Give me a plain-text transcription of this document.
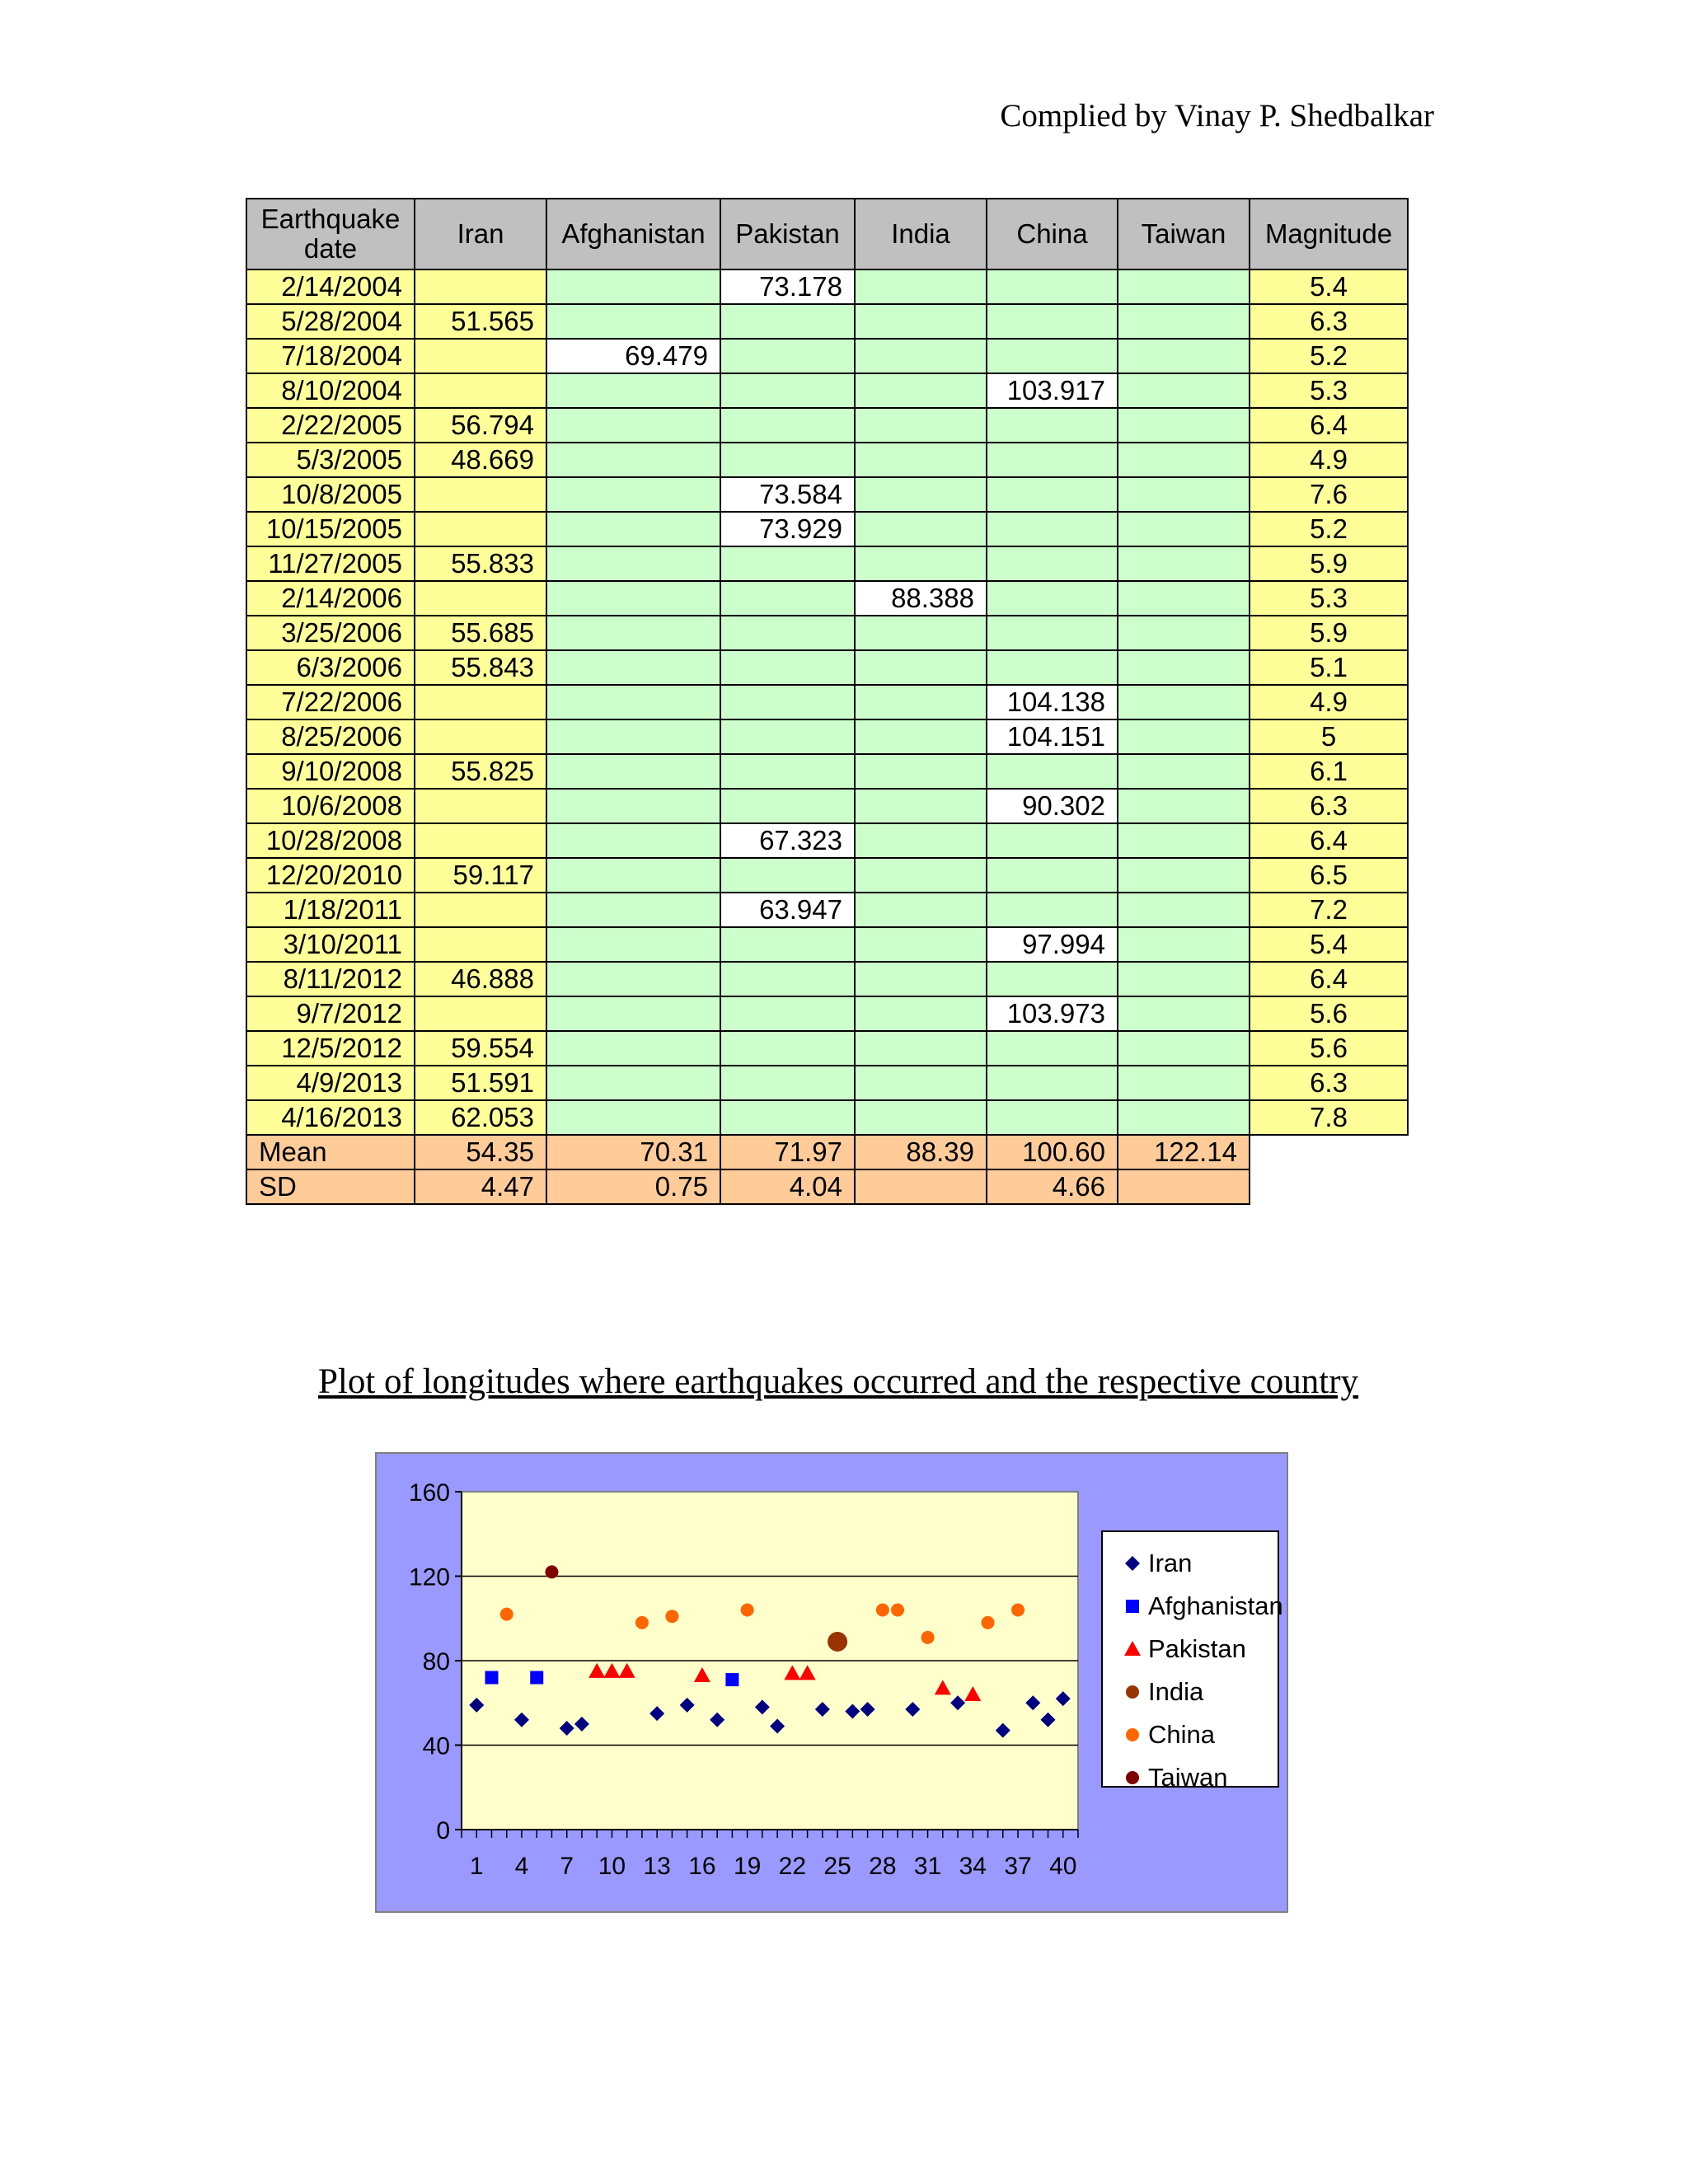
Complied by Vinay P. Shedbalkar
Earthquake date	Iran	Afghanistan	Pakistan	India	China	Taiwan	Magnitude
2/14/2004			73.178				5.4
5/28/2004	51.565						6.3
7/18/2004		69.479					5.2
8/10/2004					103.917		5.3
2/22/2005	56.794						6.4
5/3/2005	48.669						4.9
10/8/2005			73.584				7.6
10/15/2005			73.929				5.2
11/27/2005	55.833						5.9
2/14/2006				88.388			5.3
3/25/2006	55.685						5.9
6/3/2006	55.843						5.1
7/22/2006					104.138		4.9
8/25/2006					104.151		5
9/10/2008	55.825						6.1
10/6/2008					90.302		6.3
10/28/2008			67.323				6.4
12/20/2010	59.117						6.5
1/18/2011			63.947				7.2
3/10/2011					97.994		5.4
8/11/2012	46.888						6.4
9/7/2012					103.973		5.6
12/5/2012	59.554						5.6
4/9/2013	51.591						6.3
4/16/2013	62.053						7.8
Mean	54.35	70.31	71.97	88.39	100.60	122.14	
SD	4.47	0.75	4.04		4.66		
Plot of longitudes where earthquakes occurred and the respective country
0
40
80
120
160
1 4 7 10 13 16 19 22 25 28 31 34 37 40
Iran
Afghanistan
Pakistan
India
China
Taiwan
